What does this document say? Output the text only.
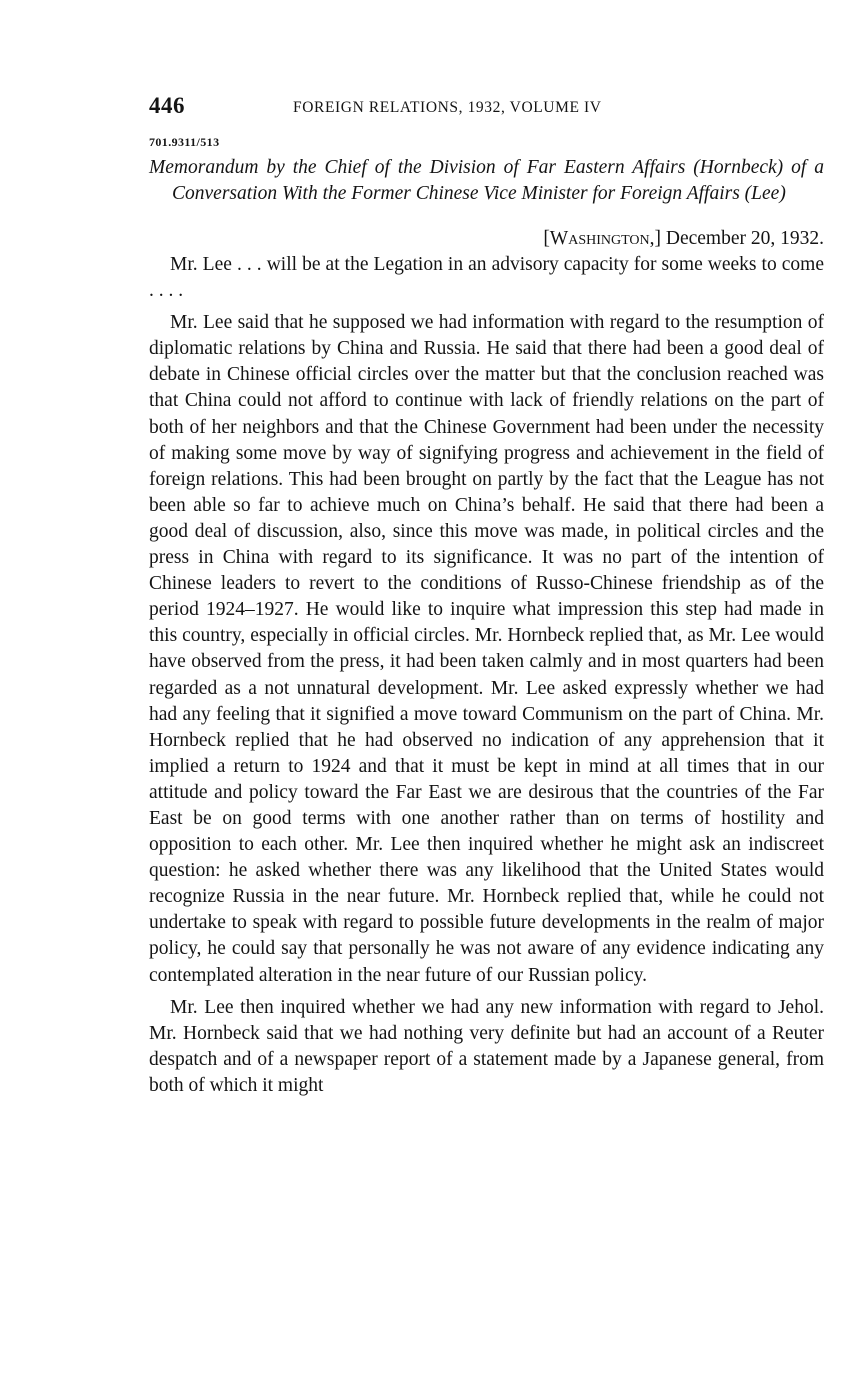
446	FOREIGN RELATIONS, 1932, VOLUME IV
701.9311/513
Memorandum by the Chief of the Division of Far Eastern Affairs (Hornbeck) of a Conversation With the Former Chinese Vice Minister for Foreign Affairs (Lee)
[Washington,] December 20, 1932.

Mr. Lee . . . will be at the Legation in an advisory capacity for some weeks to come . . . .

Mr. Lee said that he supposed we had information with regard to the resumption of diplomatic relations by China and Russia. He said that there had been a good deal of debate in Chinese official circles over the matter but that the conclusion reached was that China could not afford to continue with lack of friendly relations on the part of both of her neighbors and that the Chinese Government had been under the necessity of making some move by way of signifying progress and achievement in the field of foreign relations. This had been brought on partly by the fact that the League has not been able so far to achieve much on China’s behalf. He said that there had been a good deal of discussion, also, since this move was made, in political circles and the press in China with regard to its significance. It was no part of the intention of Chinese leaders to revert to the conditions of Russo-Chinese friendship as of the period 1924–1927. He would like to inquire what impression this step had made in this country, especially in official circles. Mr. Hornbeck replied that, as Mr. Lee would have observed from the press, it had been taken calmly and in most quarters had been regarded as a not unnatural development. Mr. Lee asked expressly whether we had had any feeling that it signified a move toward Communism on the part of China. Mr. Hornbeck replied that he had observed no indication of any apprehension that it implied a return to 1924 and that it must be kept in mind at all times that in our attitude and policy toward the Far East we are desirous that the countries of the Far East be on good terms with one another rather than on terms of hostility and opposition to each other. Mr. Lee then inquired whether he might ask an indiscreet question: he asked whether there was any likelihood that the United States would recognize Russia in the near future. Mr. Hornbeck replied that, while he could not undertake to speak with regard to possible future developments in the realm of major policy, he could say that personally he was not aware of any evidence indicating any contemplated alteration in the near future of our Russian policy.

Mr. Lee then inquired whether we had any new information with regard to Jehol. Mr. Hornbeck said that we had nothing very definite but had an account of a Reuter despatch and of a newspaper report of a statement made by a Japanese general, from both of which it might
